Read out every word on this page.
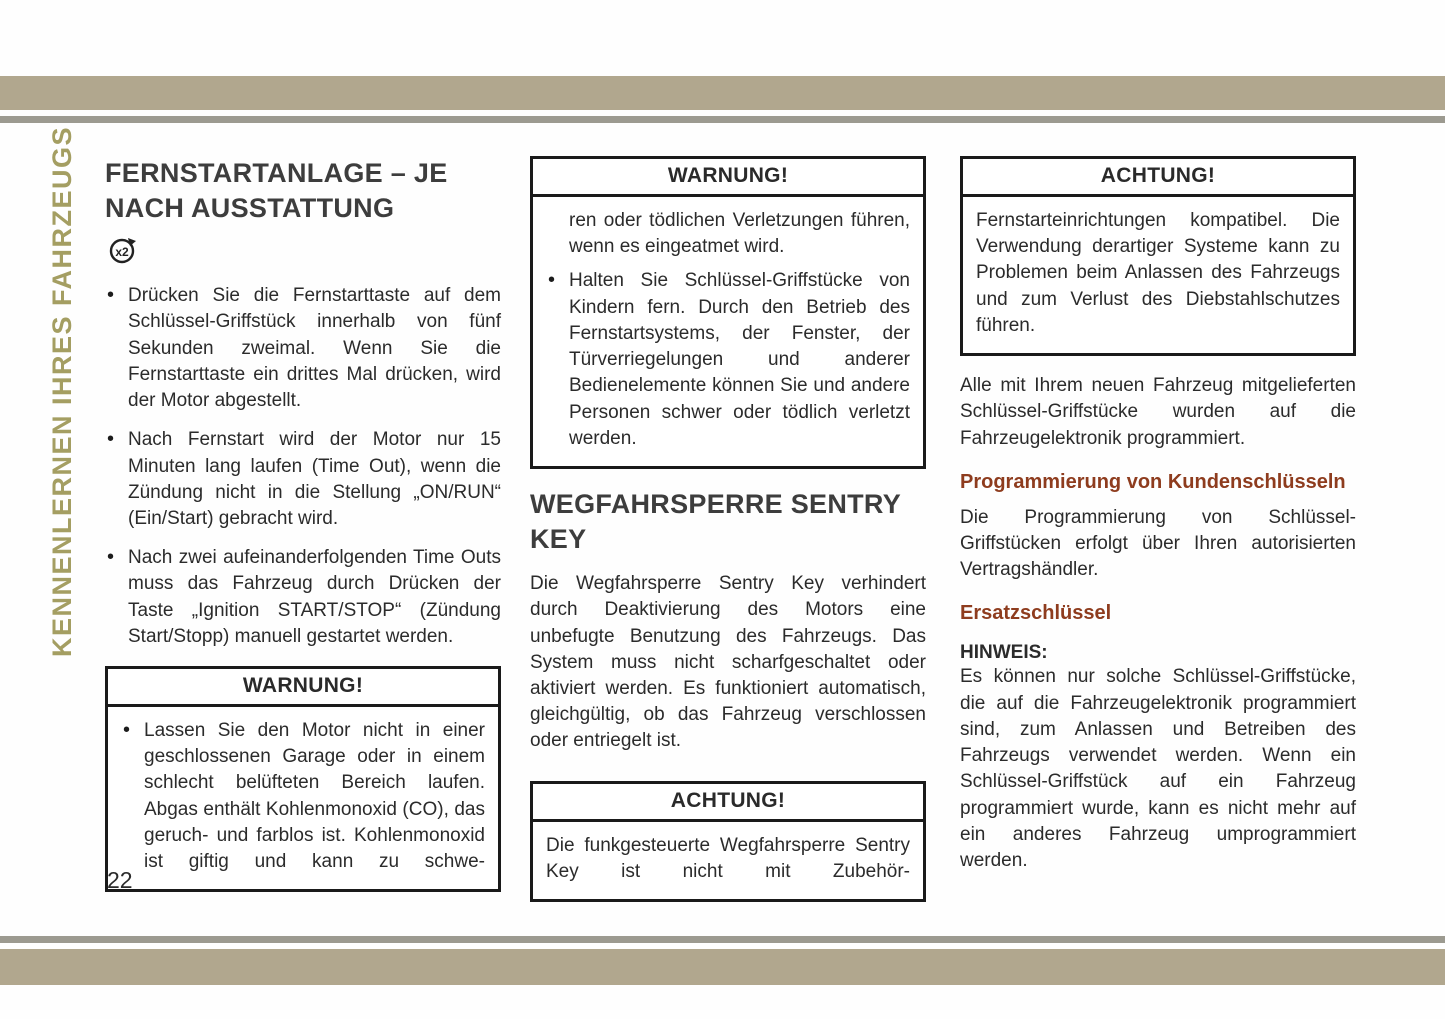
KENNENLERNEN IHRES FAHRZEUGS FERNSTARTANLAGE – JE NACH AUSSTATTUNG
x2
• Drücken Sie die Fernstarttaste auf dem Schlüssel-Griffstück innerhalb von fünf Sekunden zweimal. Wenn Sie die Fernstarttaste ein drittes Mal drücken, wird der Motor abgestellt.
• Nach Fernstart wird der Motor nur 15 Minuten lang laufen (Time Out), wenn die Zündung nicht in die Stellung „ON/RUN“ (Ein/Start) gebracht wird.
• Nach zwei aufeinanderfolgenden Time Outs muss das Fahrzeug durch Drücken der Taste „Ignition START/STOP“ (Zündung Start/Stopp) manuell gestartet werden.
WARNUNG!
• Lassen Sie den Motor nicht in einer geschlossenen Garage oder in einem schlecht belüfteten Bereich laufen. Abgas enthält Kohlenmonoxid (CO), das geruch- und farblos ist. Kohlenmonoxid ist giftig und kann zu schwe-
WARNUNG!
ren oder tödlichen Verletzungen führen, wenn es eingeatmet wird.
• Halten Sie Schlüssel-Griffstücke von Kindern fern. Durch den Betrieb des Fernstartsystems, der Fenster, der Türverriegelungen und anderer Bedienelemente können Sie und andere Personen schwer oder tödlich verletzt werden.
WEGFAHRSPERRE SENTRY KEY

Die Wegfahrsperre Sentry Key verhindert durch Deaktivierung des Motors eine unbefugte Benutzung des Fahrzeugs. Das System muss nicht scharfgeschaltet oder aktiviert werden. Es funktioniert automatisch, gleichgültig, ob das Fahrzeug verschlossen oder entriegelt ist.

ACHTUNG!
Die funkgesteuerte Wegfahrsperre Sentry Key ist nicht mit Zubehör-
ACHTUNG!
Fernstarteinrichtungen kompatibel. Die Verwendung derartiger Systeme kann zu Problemen beim Anlassen des Fahrzeugs und zum Verlust des Diebstahlschutzes führen.

Alle mit Ihrem neuen Fahrzeug mitgelieferten Schlüssel-Griffstücke wurden auf die Fahrzeugelektronik programmiert.

Programmierung von Kundenschlüsseln

Die Programmierung von Schlüssel-Griffstücken erfolgt über Ihren autorisierten Vertragshändler.

Ersatzschlüssel
HINWEIS:

Es können nur solche Schlüssel-Griffstücke, die auf die Fahrzeugelektronik programmiert sind, zum Anlassen und Betreiben des Fahrzeugs verwendet werden. Wenn ein Schlüssel-Griffstück auf ein Fahrzeug programmiert wurde, kann es nicht mehr auf ein anderes Fahrzeug umprogrammiert werden.

22
